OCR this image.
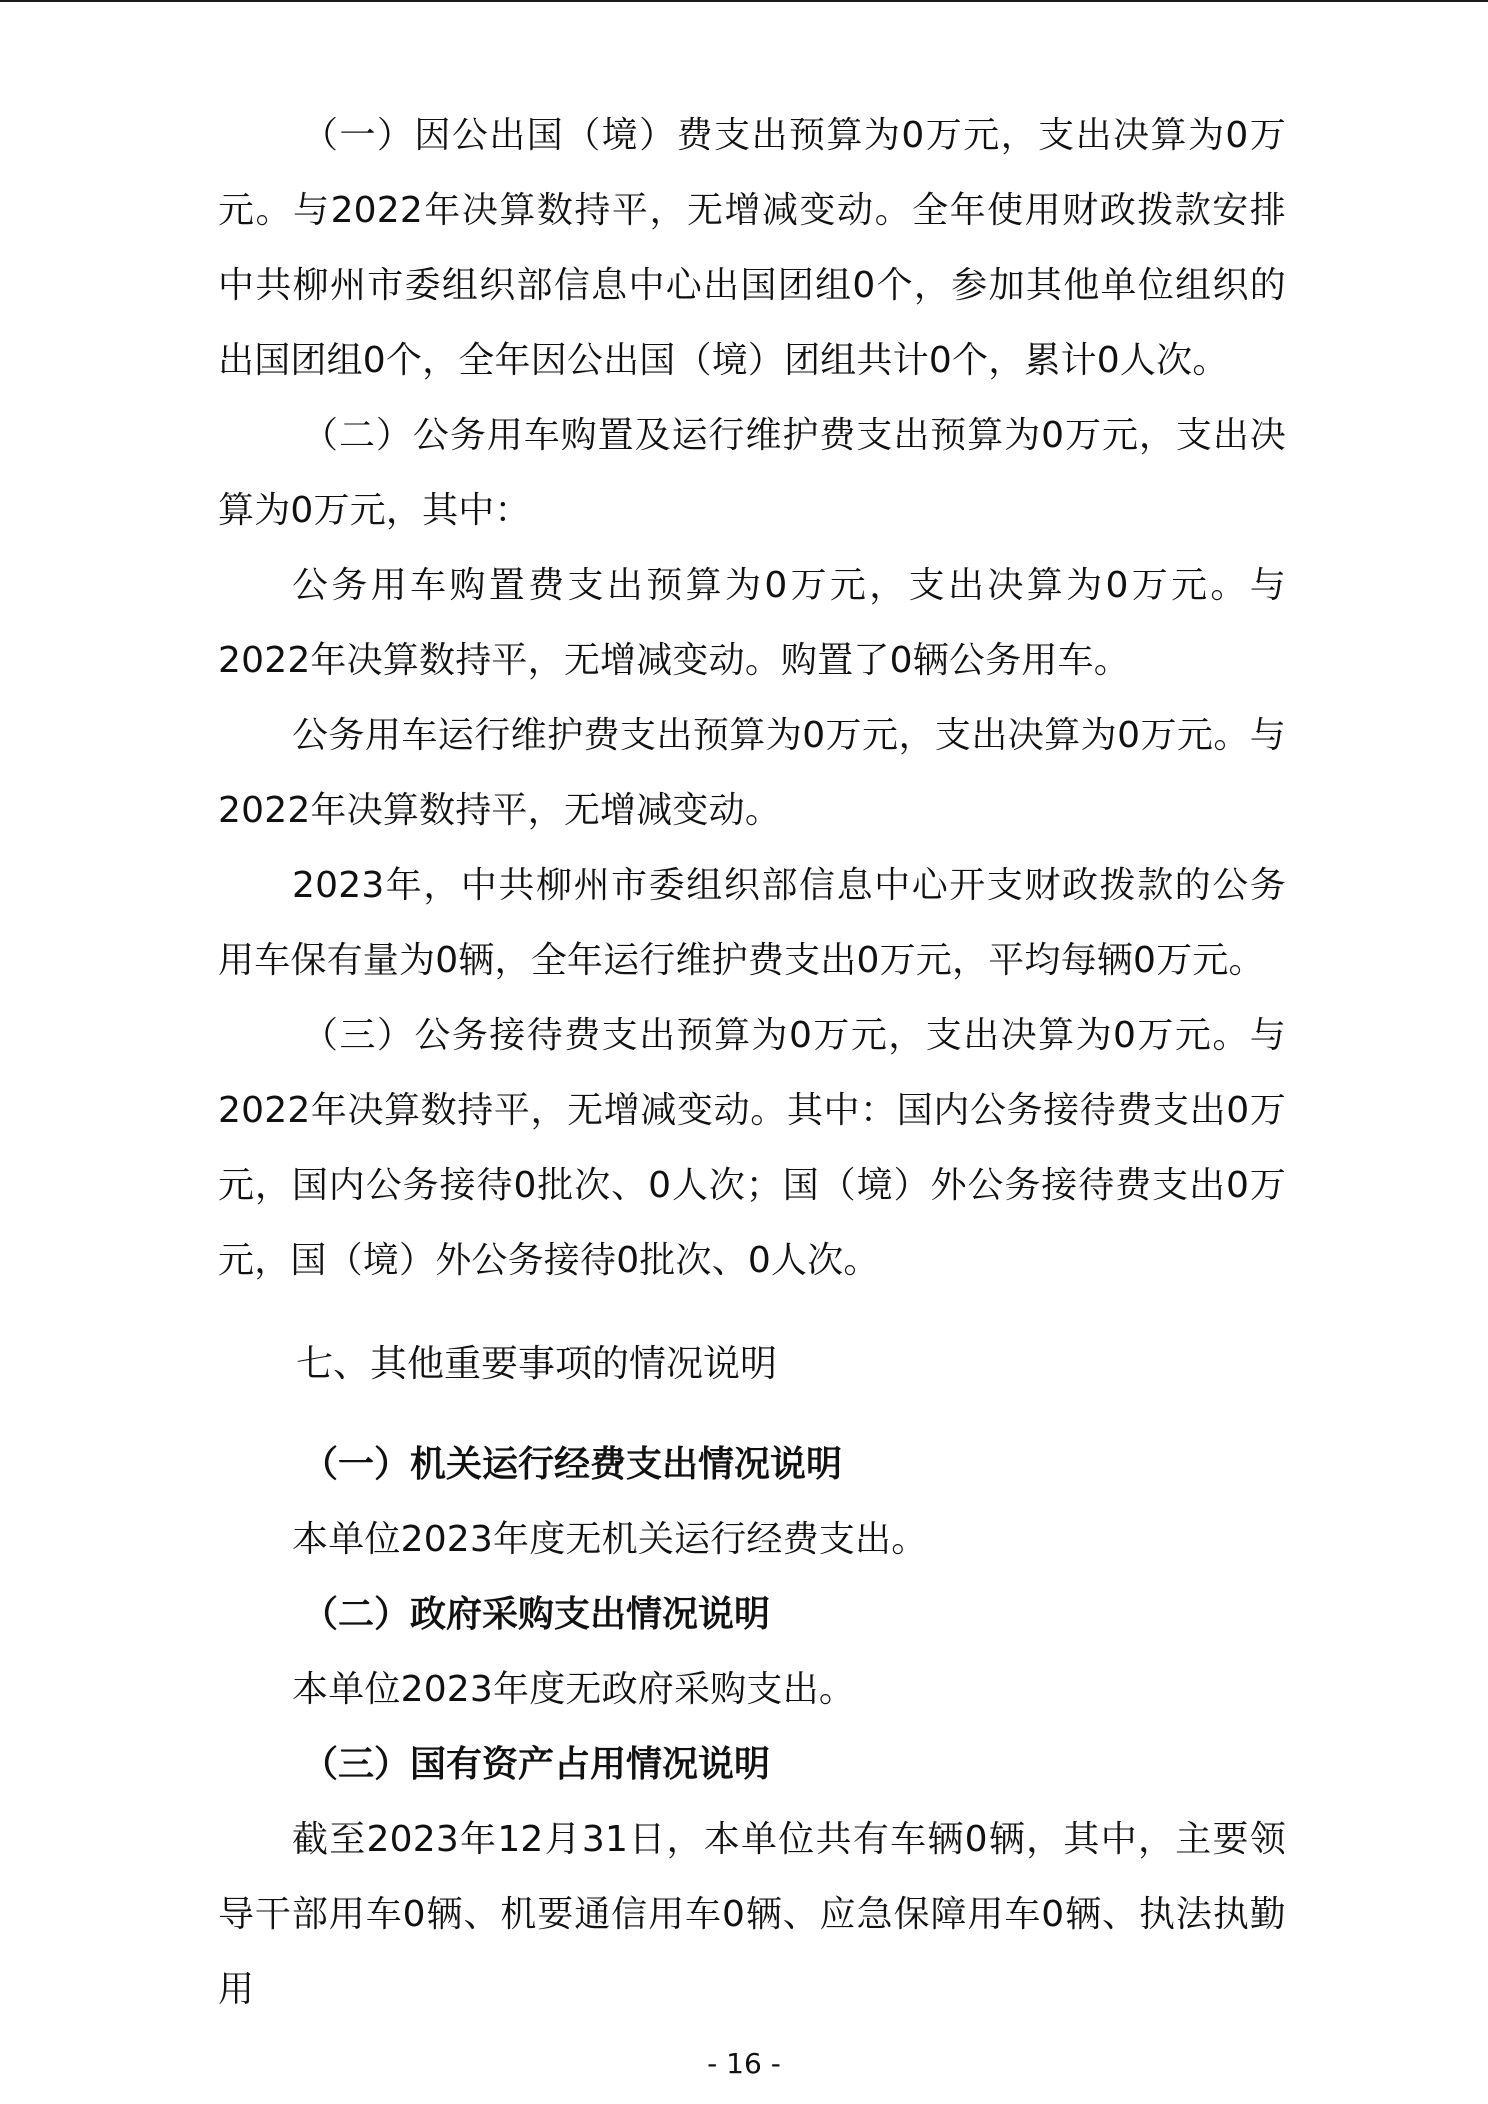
（一）因公出国（境）费支出预算为0万元，支出决算为0万元。与2022年决算数持平，无增减变动。全年使用财政拨款安排中共柳州市委组织部信息中心出国团组0个，参加其他单位组织的出国团组0个，全年因公出国（境）团组共计0个，累计0人次。

（二）公务用车购置及运行维护费支出预算为0万元，支出决算为0万元，其中：

公务用车购置费支出预算为0万元，支出决算为0万元。与2022年决算数持平，无增减变动。购置了0辆公务用车。

公务用车运行维护费支出预算为0万元，支出决算为0万元。与2022年决算数持平，无增减变动。

2023年，中共柳州市委组织部信息中心开支财政拨款的公务用车保有量为0辆，全年运行维护费支出0万元，平均每辆0万元。

（三）公务接待费支出预算为0万元，支出决算为0万元。与2022年决算数持平，无增减变动。其中：国内公务接待费支出0万元，国内公务接待0批次、0人次；国（境）外公务接待费支出0万元，国（境）外公务接待0批次、0人次。

七、其他重要事项的情况说明

（一）机关运行经费支出情况说明

本单位2023年度无机关运行经费支出。

（二）政府采购支出情况说明

本单位2023年度无政府采购支出。

（三）国有资产占用情况说明

截至2023年12月31日，本单位共有车辆0辆，其中，主要领导干部用车0辆、机要通信用车0辆、应急保障用车0辆、执法执勤用

- 16 -
